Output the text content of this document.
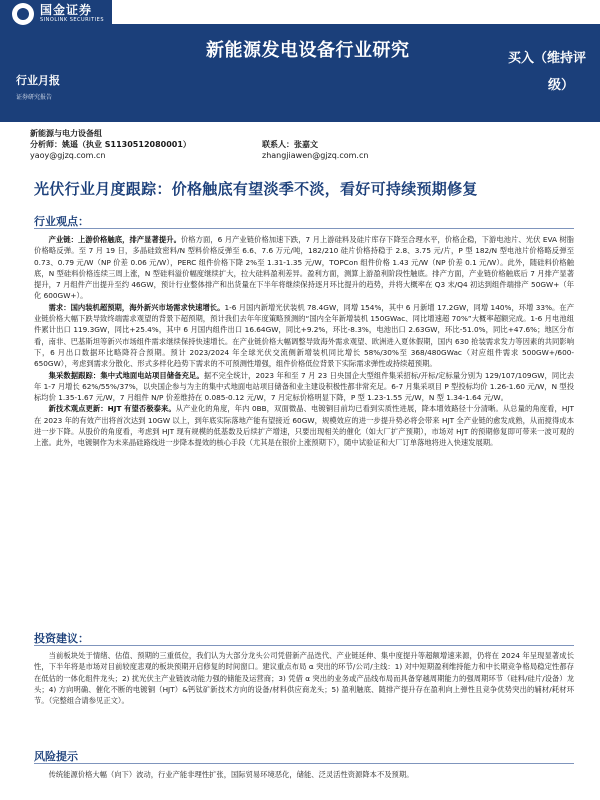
国金证券
SINOLINK SECURITIES
行业月报
证券研究报告
2023 年 07 月 24 日
新能源发电设备行业研究	买入（维持评
级）
新能源与电力设备组
分析师：姚遥（执业 S1130512080001）	联系人：张嘉文
yaoy@gjzq.com.cn	zhangjiawen@gjzq.com.cn
光伏行业月度跟踪：价格触底有望淡季不淡，看好可持续预期修复
行业观点：

产业链：上游价格触底，排产显著提升。价格方面，6 月产业链价格加速下跌，7 月上游硅料及硅片库存下降至合理水平，价格企稳，下游电池片、光伏 EVA 树脂价格略反弹。至 7 月 19 日，多晶硅致密料/N 型料价格反弹至 6.6、7.6 万元/吨，182/210 硅片价格持稳于 2.8、3.75 元/片，P 型 182/N 型电池片价格略反弹至 0.73、0.79 元/W（NP 价差 0.06 元/W），PERC 组件价格下降 2%至 1.31-1.35 元/W，TOPCon 组件价格 1.43 元/W（NP 价差 0.1 元/W）。此外，随硅料价格触底，N 型硅料价格连续三周上涨，N 型硅料溢价幅度继续扩大，拉大硅料盈利差异。盈利方面，测算上游盈利阶段性触底。排产方面，产业链价格触底后 7 月排产显著提升，7 月组件产出提升至约 46GW，预计行业整体排产和出货量在下半年将继续保持逐月环比提升的趋势，并将大概率在 Q3 末/Q4 初达到组件端排产 50GW+（年化 600GW+）。

需求：国内装机超预期，海外新兴市场需求快速增长。1-6 月国内新增光伏装机 78.4GW，同增 154%，其中 6 月新增 17.2GW，同增 140%，环增 33%。在产业链价格大幅下跌导致终端需求观望的背景下超预期，预计我们去年年度策略预测的“国内全年新增装机 150GWac、同比增速超 70%”大概率超额完成。1-6 月电池组件累计出口 119.3GW，同比+25.4%，其中 6 月国内组件出口 16.64GW，同比+9.2%，环比-8.3%，电池出口 2.63GW，环比-51.0%，同比+47.6%；地区分布看，南非、巴基斯坦等新兴市场组件需求继续保持快速增长。在产业链价格大幅调整导致海外需求观望、欧洲进入夏休假期，国内 630 抢装需求发力等因素的共同影响下，6 月出口数据环比略降符合预期。预计 2023/2024 年全球光伏交流侧新增装机同比增长 58%/30%至 368/480GWac（对应组件需求 500GW+/600-650GW），考虑到需求分散化、形式多样化趋势下需求的不可预测性增强，组件价格低位背景下实际需求弹性或持续超预期。

集采数据跟踪：集中式地面电站项目储备充足。据不完全统计，2023 年和至 7 月 23 日央国企大型组件集采招标/开标/定标量分别为 129/107/109GW，同比去年 1-7 月增长 62%/55%/37%，以央国企参与为主的集中式地面电站项目储备和业主建设积极性都非常充足。6-7 月集采项目 P 型投标均价 1.26-1.60 元/W，N 型投标均价 1.35-1.67 元/W，7 月组件 N/P 价差维持在 0.085-0.12 元/W，7 月定标价格明显下降，P 型 1.23-1.55 元/W，N 型 1.34-1.64 元/W。

新技术观点更新：HJT 有望否极泰来。从产业化的角度，年内 0BB，双面微晶、电镀铜目前均已看到实质性进展，降本增效路径十分清晰。从总量的角度看，HJT 在 2023 年的有效产出将首次达到 10GW 以上，到年底实际落地产能有望接近 60GW，规模效应的进一步提升势必将会带来 HJT 全产业链的愈发成熟，从而搅得成本进一步下降。从股价的角度看，考虑到 HJT 现有规模的低基数及后续扩产增速，只要出现相关的催化（如大厂扩产预期），市场对 HJT 的预期修复即可带来一波可观的上涨。此外，电镀铜作为未来晶硅路线进一步降本提效的核心手段（尤其是在银价上涨预期下），随中试验证和大厂订单落地将进入快速发展期。

投资建议：

当前板块处于情绪、估值、预期的三重低位，我们认为大部分龙头公司凭借新产品迭代、产业链延伸、集中度提升等超额增速来源，仍将在 2024 年呈现显著成长性，下半年将是市场对目前较度悲观的板块预期开启修复的时间窗口。建议重点布局 α 突出的环节/公司/主线：1) 对中短期盈利维持能力和中长期竞争格局稳定性都存在低估的一体化组件龙头；2) 扰光伏主产业链波动能力强的储能及运营商；3) 凭借 α 突出的业务或产品线布局而具备穿越周期能力的强周期环节（硅料/硅片/设备）龙头；4) 方向明确、催化不断的电镀铜（HJT）&钙钛矿新技术方向的设备/材料供应商龙头；5) 盈利触底、随排产提升存在盈利向上弹性且竞争优势突出的辅材/耗材环节。（完整组合请参见正文）。

风险提示

传统能源价格大幅（向下）波动，行业产能非理性扩张，国际贸易环境恶化，储能、泛灵活性资源降本不及预期。
